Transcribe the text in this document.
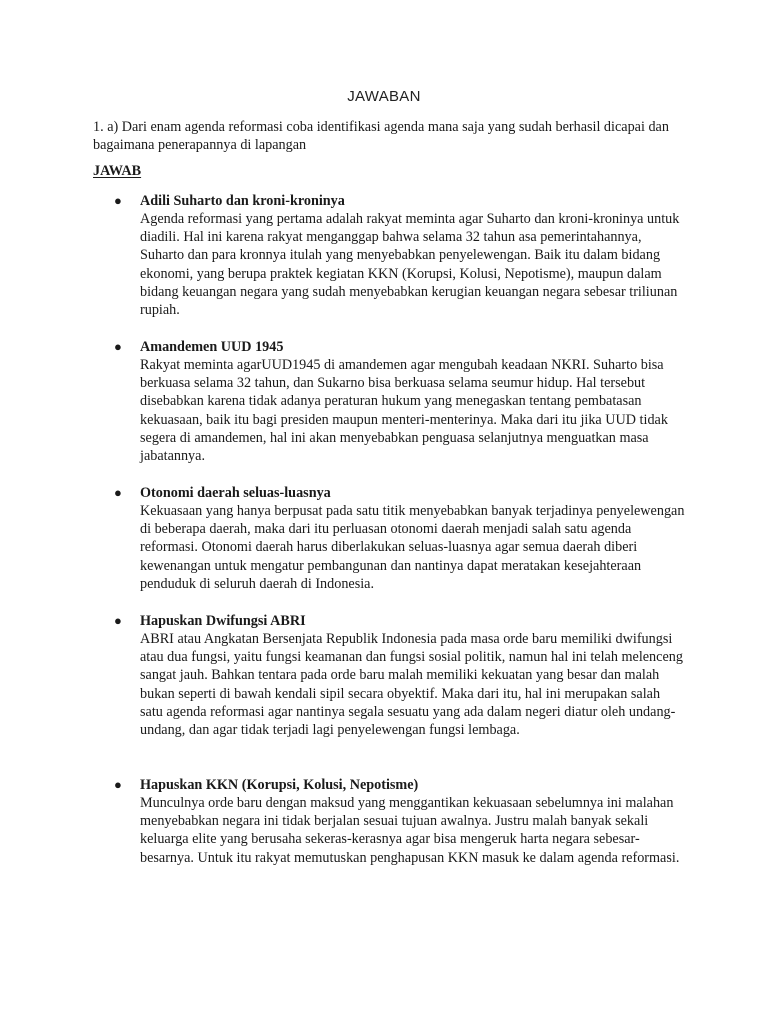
JAWABAN
1. a) Dari enam agenda reformasi coba identifikasi agenda mana saja yang sudah berhasil dicapai dan bagaimana penerapannya di lapangan
JAWAB
● Adili Suharto dan kroni-kroninya
Agenda reformasi yang pertama adalah rakyat meminta agar Suharto dan kroni-kroninya untuk diadili. Hal ini karena rakyat menganggap bahwa selama 32 tahun asa pemerintahannya, Suharto dan para kronnya itulah yang menyebabkan penyelewengan. Baik itu dalam bidang ekonomi, yang berupa praktek kegiatan KKN (Korupsi, Kolusi, Nepotisme), maupun dalam bidang keuangan negara yang sudah menyebabkan kerugian keuangan negara sebesar triliunan rupiah.
● Amandemen UUD 1945
Rakyat meminta agarUUD1945 di amandemen agar mengubah keadaan NKRI. Suharto bisa berkuasa selama 32 tahun, dan Sukarno bisa berkuasa selama seumur hidup. Hal tersebut disebabkan karena tidak adanya peraturan hukum yang menegaskan tentang pembatasan kekuasaan, baik itu bagi presiden maupun menteri-menterinya. Maka dari itu jika UUD tidak segera di amandemen, hal ini akan menyebabkan penguasa selanjutnya menguatkan masa jabatannya.
● Otonomi daerah seluas-luasnya
Kekuasaan yang hanya berpusat pada satu titik menyebabkan banyak terjadinya penyelewengan di beberapa daerah, maka dari itu perluasan otonomi daerah menjadi salah satu agenda reformasi. Otonomi daerah harus diberlakukan seluas-luasnya agar semua daerah diberi kewenangan untuk mengatur pembangunan dan nantinya dapat meratakan kesejahteraan penduduk di seluruh daerah di Indonesia.
● Hapuskan Dwifungsi ABRI
ABRI atau Angkatan Bersenjata Republik Indonesia pada masa orde baru memiliki dwifungsi atau dua fungsi, yaitu fungsi keamanan dan fungsi sosial politik, namun hal ini telah melenceng sangat jauh. Bahkan tentara pada orde baru malah memiliki kekuatan yang besar dan malah bukan seperti di bawah kendali sipil secara obyektif. Maka dari itu, hal ini merupakan salah satu agenda reformasi agar nantinya segala sesuatu yang ada dalam negeri diatur oleh undang-undang, dan agar tidak terjadi lagi penyelewengan fungsi lembaga.
● Hapuskan KKN (Korupsi, Kolusi, Nepotisme)
Munculnya orde baru dengan maksud yang menggantikan kekuasaan sebelumnya ini malahan menyebabkan negara ini tidak berjalan sesuai tujuan awalnya. Justru malah banyak sekali keluarga elite yang berusaha sekeras-kerasnya agar bisa mengeruk harta negara sebesar-besarnya. Untuk itu rakyat memutuskan penghapusan KKN masuk ke dalam agenda reformasi.
